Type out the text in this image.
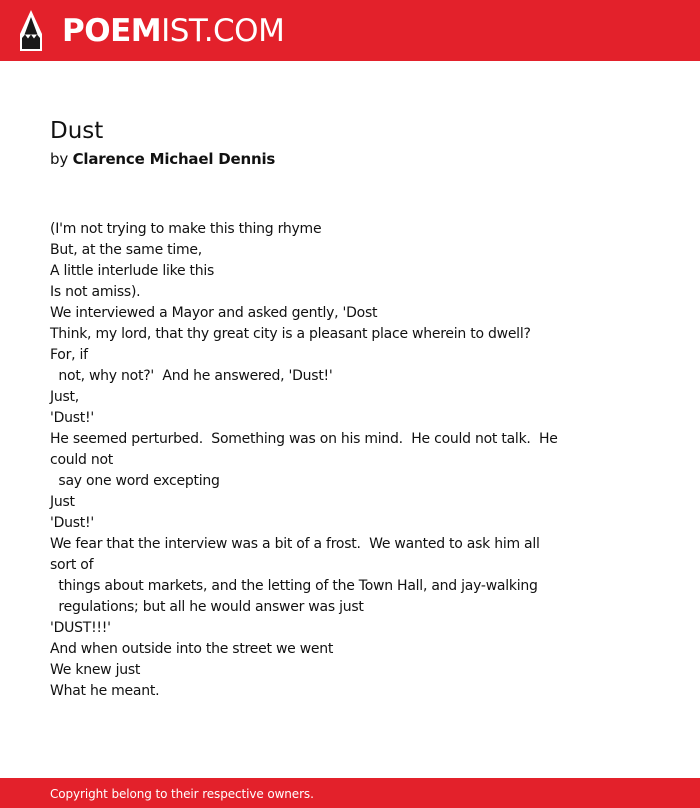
POEMIST.COM
Dust
by Clarence Michael Dennis
(I'm not trying to make this thing rhyme
But, at the same time,
A little interlude like this
Is not amiss).
We interviewed a Mayor and asked gently, 'Dost
Think, my lord, that thy great city is a pleasant place wherein to dwell?
For, if
not, why not?'  And he answered, 'Dust!'
Just,
'Dust!'
He seemed perturbed.  Something was on his mind.  He could not talk.  He
could not
say one word excepting
Just
'Dust!'
We fear that the interview was a bit of a frost.  We wanted to ask him all
sort of
things about markets, and the letting of the Town Hall, and jay-walking
regulations; but all he would answer was just
'DUST!!!'
And when outside into the street we went
We knew just
What he meant.
Copyright belong to their respective owners.
